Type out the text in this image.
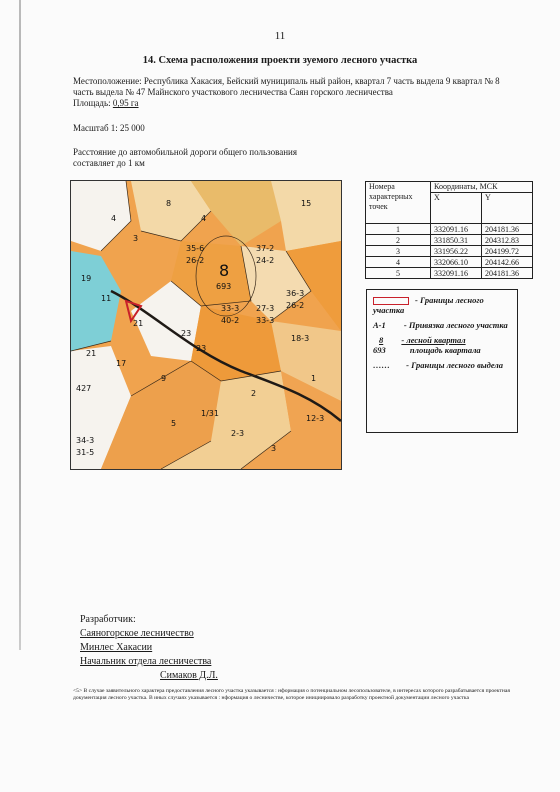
11
14. Схема расположения проекти зуемого лесного участка
Местоположение: Республика Хакасия, Бейский муниципаль ный район, квартал 7 часть выдела 9 квартал № 8 часть выдела № 47 Майнского участкового лесничества Саян горского лесничества
Площадь: 0,95 га
Масштаб 1: 25 000
Расстояние до автомобильной дороги общего пользования
составляет до 1 км
8
693
37-2
24-2
35-6
26-2
36-3
26-2
4
3
23
21
23
11
19
17
427
9
21
2
1
15
8
4
34-3
31-5
2-3
3
5
1/31
12-3
18-3
33-3
40-2
27-3
33-3
Номера характерных точек	Координаты, МСК	
	X	Y
1	332091.16	204181.36
2	331850.31	204312.83
3	331956.22	204199.72
4	332066.10	204142.66
5	332091.16	204181.36
- Границы лесного участка
А-1 - Привязка лесного участка
8 - лесной квартал
693	площадь квартала
…… - Границы лесного выдела
Разработчик:
Саяногорское лесничество
Минлес Хакасии
Начальник отдела лесничества
Симаков Д.Л.
<5> В случае заявительного характера предоставления лесного участка указывается : нформация о потенциальном лесопользователе, в интересах которого разрабатывается проектная документация лесного участка. В иных случаях указывается : нформация о лесничестве, которое инициировало разработку проектной документации лесного участка
